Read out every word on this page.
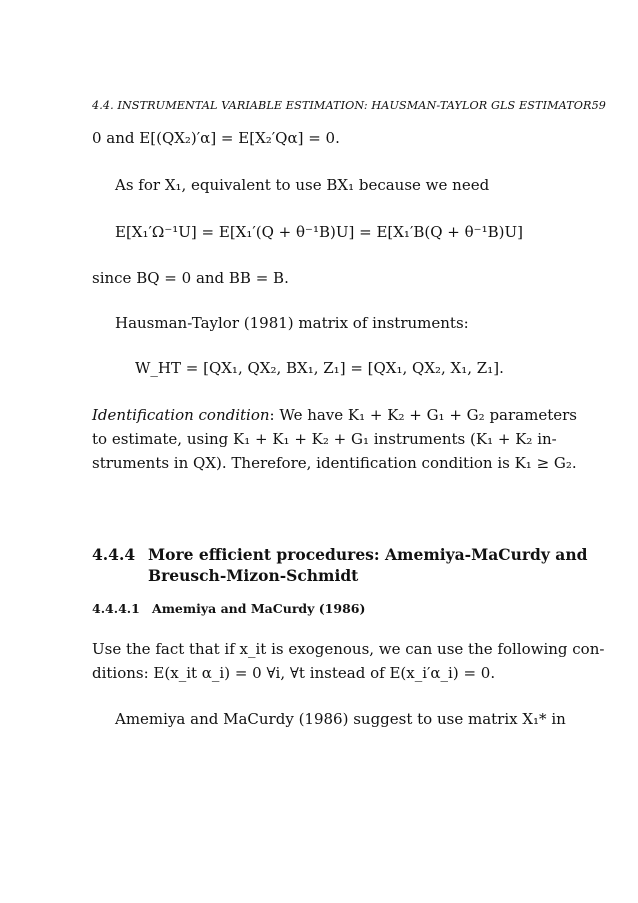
4.4. INSTRUMENTAL VARIABLE ESTIMATION: HAUSMAN-TAYLOR GLS ESTIMATOR59
0 and E[(QX₂)′α] = E[X₂′Qα] = 0.
As for X₁, equivalent to use BX₁ because we need
E[X₁′Ω⁻¹U] = E[X₁′(Q + θ⁻¹B)U] = E[X₁′B(Q + θ⁻¹B)U]
since BQ = 0 and BB = B.
Hausman-Taylor (1981) matrix of instruments:
W_HT = [QX₁, QX₂, BX₁, Z₁] = [QX₁, QX₂, X₁, Z₁].
Identification condition: We have K₁ + K₂ + G₁ + G₂ parameters
to estimate, using K₁ + K₁ + K₂ + G₁ instruments (K₁ + K₂ in-
struments in QX). Therefore, identification condition is K₁ ≥ G₂.
4.4.4 More efficient procedures: Amemiya-MaCurdy and
Breusch-Mizon-Schmidt
4.4.4.1 Amemiya and MaCurdy (1986)
Use the fact that if x_it is exogenous, we can use the following con-
ditions: E(x_it α_i) = 0 ∀i, ∀t instead of E(x_i′α_i) = 0.
Amemiya and MaCurdy (1986) suggest to use matrix X₁* in
